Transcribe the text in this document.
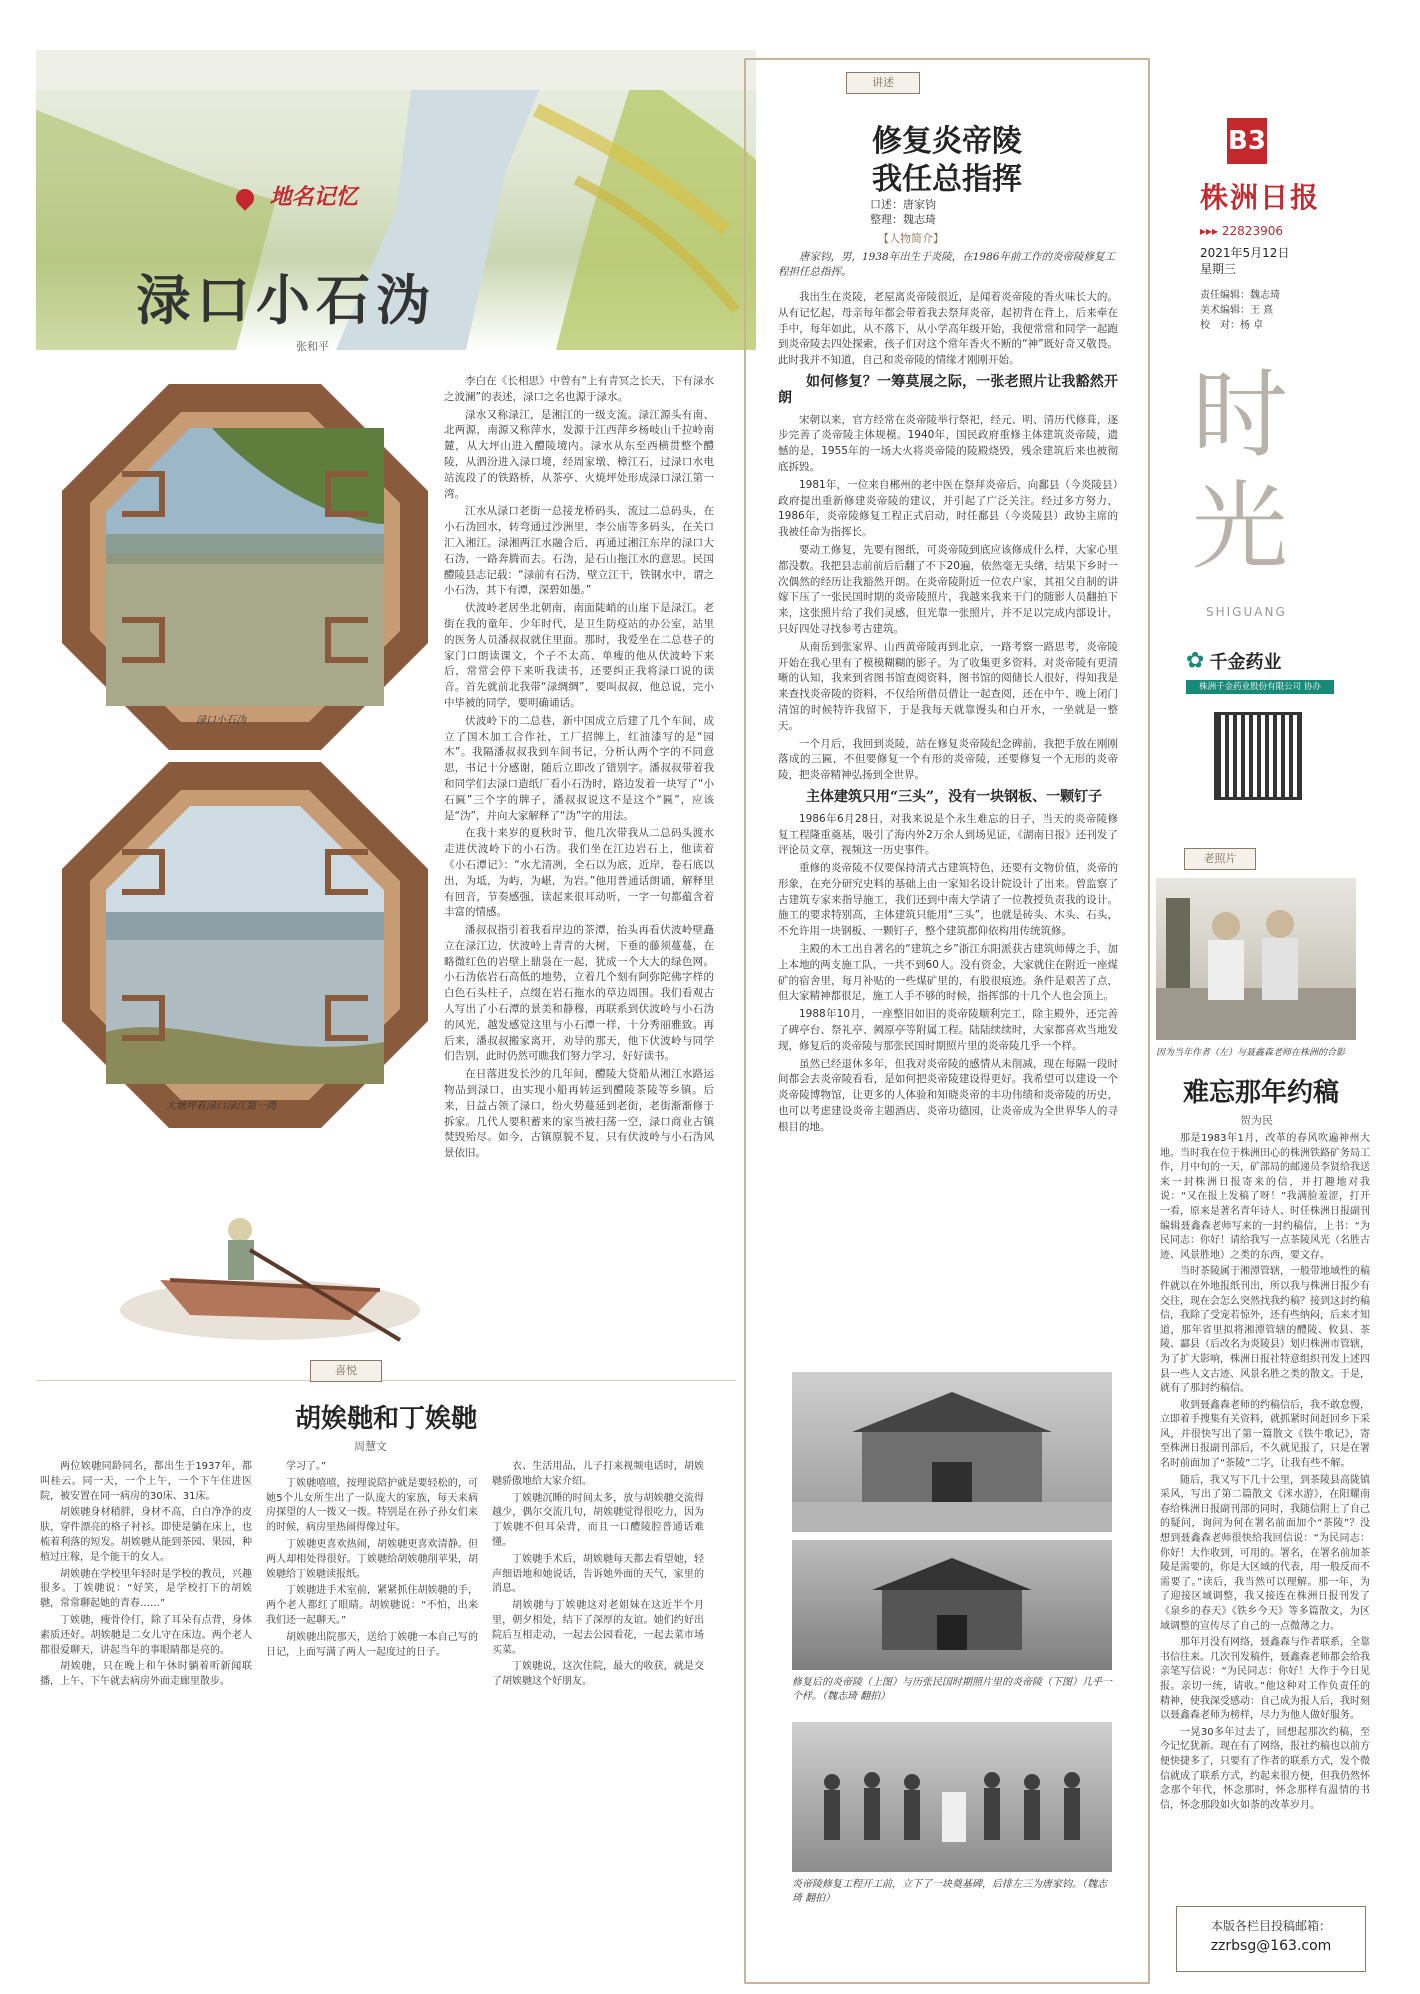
B3
株洲日报
▸▸▸ 22823906
2021年5月12日
星期三
责任编辑：魏志琦
美术编辑：王 熹
校　对：杨 卓
时
光
SHIGUANG
✿ 千金药业
株洲千金药业股份有限公司 协办
地名记忆
渌口小石沩
张和平
渌口小石沩
大塘坪看渌口渌江第一湾

李白在《长相思》中曾有“上有青冥之长天，下有渌水之波澜”的表述，渌口之名也源于渌水。

渌水又称渌江，是湘江的一级支流。渌江源头有南、北两源，南源又称萍水，发源于江西萍乡杨岐山千拉岭南麓，从大坪山进入醴陵境内。渌水从东至西横贯整个醴陵，从泗汾进入渌口境，经周家墩、樟江石，过渌口水电站流段了的铁路桥，从茶亭、火焼坪处形成渌口渌江第一湾。

江水从渌口老街一总接龙桥码头，流过二总码头，在小石沩回水，转弯通过沙洲里，李公庙等多码头，在关口汇入湘江。渌湘两江水融合后，再通过湘江东岸的渌口大石沩，一路奔腾而去。石沩，是石山拖江水的意思。民国醴陵县志记载：“渌前有石沩，壁立江干，铁钢水中，谓之小石沩，其下有潭，深碧如墨。”

伏波岭老居坐北朝南，南面陡峭的山崖下是渌江。老街在我的童年、少年时代，是卫生防疫站的办公室，站里的医务人员潘叔叔就住里面。那时，我爱坐在二总巷子的家门口朗读课文，个子不太高、单瘦的他从伏波岭下来后，常常会停下来听我读书，还要纠正我将渌口说的读音。首先就前北我带“渌绸绸”，要叫叔叔，他总说，完小中毕被的同学，要明确诵话。

伏波岭下的二总巷，新中国成立后建了几个车间，成立了国木加工合作社，工厂招牌上，红油漆写的是“园木”。我隔潘叔叔我到车间书记，分析认两个字的不同意思，书记十分感谢，随后立即改了错别字。潘叔叔带着我和同学们去渌口造纸厂看小石沩时，路边发着一块写了“小石匾”三个字的牌子，潘叔叔说这不是这个“匾”，应该是“沩”，并向大家解释了“沩”字的用法。

在我十来岁的夏秋时节，他几次带我从二总码头渡水走进伏波岭下的小石沩。我们坐在江边岩石上，他读着《小石潭记》：“水尤清冽，全石以为底，近岸，卷石底以出，为坻，为屿，为嵁，为岩。”他用普通话朗诵，解释里有回音，节奏感强，读起来很耳动听，一字一句都蕴含着丰富的情感。

潘叔叔指引着我看岸边的茶潭，抬头再看伏波岭壁矗立在渌江边，伏波岭上青青的大树，下垂的藤须蔓蔓，在略微红色的岩壁上鼎袅在一起，犹成一个大大的绿色网。小石沩依岩石高低的地势，立着几个刻有阿弥陀佛字样的白色石头柱子，点缀在岩石拖水的草边周围。我们看观古人写出了小石潭的景美和静穆，再联系到伏波岭与小石沩的风光，越发感觉这里与小石潭一样，十分秀丽雅致。再后来，潘叔叔搬家离开，劝导的那天，他下伏波岭与同学们告别，此时仍然可瞧我们努力学习，好好读书。

在日落进发长沙的几年间，醴陵大贷船从湘江水路运物品到渌口，由实现小船再转运到醴陵茶陵等乡镇。后来，日益占领了渌口，纷火势蔓延到老街，老街渐渐修于拆家。几代人要积蓄来的家当被扫荡一空，渌口商业古镇焚毁殆尽。如今，古镇原貌不复，只有伏波岭与小石沩风景依旧。

讲述
修复炎帝陵
我任总指挥
口述：唐家钧
整理：魏志琦
【人物简介】
唐家钧，男，1938年出生于炎陵，在1986年前工作的炎帝陵修复工程担任总指挥。

我出生在炎陵，老屋离炎帝陵很近，是闻着炎帝陵的香火味长大的。从有记忆起，母亲每年都会带着我去祭拜炎帝，起初背在背上，后来牵在手中，每年如此，从不落下，从小学高年级开始，我便常常和同学一起跑到炎帝陵去四处探索，孩子们对这个常年香火不断的“神”既好奇又敬畏。此时我并不知道，自己和炎帝陵的情缘才刚刚开始。

如何修复？一筹莫展之际，一张老照片让我豁然开朗

宋朝以来，官方经常在炎帝陵举行祭祀，经元、明、清历代修葺，逐步完善了炎帝陵主体规模。1940年，国民政府重修主体建筑炎帝陵，遗憾的是，1955年的一场大火将炎帝陵的陵殿烧毁，残余建筑后来也被彻底拆毁。

1981年，一位来自郴州的老中医在祭拜炎帝后，向鄱县（今炎陵县）政府提出重新修建炎帝陵的建议，并引起了广泛关注。经过多方努力，1986年，炎帝陵修复工程正式启动，时任鄱县（今炎陵县）政协主席的我被任命为指挥长。

要动工修复，先要有图纸，可炎帝陵到底应该修成什么样，大家心里都没数。我把县志前前后后翻了不下20遍，依然毫无头绪，结果下乡时一次偶然的经历让我豁然开朗。在炎帝陵附近一位农户家，其祖父自制的讲嫁下压了一张民国时期的炎帝陵照片，我越来我来干门的随影人员翻拍下来，这张照片给了我们灵感，但光靠一张照片，并不足以完成内部设计，只好四处寻找参考古建筑。

从南岳到张家界、山西黄帝陵再到北京，一路考察一路思考，炎帝陵开始在我心里有了模模糊糊的影子。为了收集更多资料，对炎帝陵有更清晰的认知，我来到省图书馆查阅资料，图书馆的阅储长人很好，得知我是来查找炎帝陵的资料，不仅给所借员借让一起查阅，还在中午、晚上闭门清馆的时候特许我留下，于是我每天就靠馒头和白开水，一坐就是一整天。

一个月后，我回到炎陵，站在修复炎帝陵纪念碑前，我把手放在刚刚落成的三匾，不但要修复一个有形的炎帝陵，还要修复一个无形的炎帝陵，把炎帝精神弘扬到全世界。

主体建筑只用“三头”，没有一块钢板、一颗钉子

1986年6月28日，对我来说是个永生难忘的日子，当天的炎帝陵修复工程隆重奠基，吸引了海内外2万余人到场见证，《湖南日报》还刊发了评论员文章，视频这一历史事件。

重修的炎帝陵不仅要保持清式古建筑特色，还要有文物价值，炎帝的形象，在充分研究史料的基础上由一家知名设计院设计了出来。曾监察了古建筑专家来指导施工，我们还到中南大学请了一位教授负责我的设计。施工的要求特别高，主体建筑只能用“三头”，也就是砖头、木头、石头，不允许用一块钢板、一颗钉子，整个建筑都仰依构用传统筑修。

主殿的木工出自著名的“建筑之乡”浙江东阳派获古建筑师傅之手，加上本地的两支施工队，一共不到60人。没有资金，大家就住在附近一座煤矿的宿舍里，每月补贴的一些煤矿里的，有股很痕迹。条件是艰苦了点，但大家精神都很足，施工人手不够的时候，指挥部的十几个人也会顶上。

1988年10月，一座整旧如旧的炎帝陵顺利完工，除主殿外，还完善了碑亭台、祭礼亭、阙原亭等附属工程。陆陆续续时，大家都喜欢当地发现，修复后的炎帝陵与那张民国时期照片里的炎帝陵几乎一个样。

虽然已经退休多年，但我对炎帝陵的感情从未削减，现在每隔一段时间都会去炎帝陵看看，是如何把炎帝陵建设得更好。我希望可以建设一个炎帝陵博物馆，让更多的人体验和知晓炎帝的丰功伟绩和炎帝陵的历史，也可以考虑建设炎帝主题酒店、炎帝功德园，让炎帝成为全世界华人的寻根目的地。

修复后的炎帝陵（上图）与历张民国时期照片里的炎帝陵（下图）几乎一个样。（魏志琦 翻拍）
炎帝陵修复工程开工前，立下了一块奠基碑，后排左三为唐家钧。（魏志琦 翻拍）
老照片
因为当年作者（左）与聂鑫森老师在株洲的合影
难忘那年约稿
贺为民

那是1983年1月，改革的春风吹遍神州大地。当时我在位于株洲田心的株洲铁路矿务局工作，月中旬的一天，矿部局的邮递员李贤给我送来一封株洲日报寄来的信，并打趣地对我说：“又在报上发稿了呀！”我满脸羞涩，打开一看，原来是著名青年诗人、时任株洲日报副刊编辑聂鑫森老师写来的一封约稿信，上书：“为民同志：你好！请给我写一点茶陵风光（名胜古迹、风景胜地）之类的东西，要文存。

当时茶陵属于湘潭管辖，一般带地域性的稿件就以在外地报纸刊出，所以我与株洲日报少有交往，现在会怎么突然找我约稿？接到这封约稿信，我除了受宠若惊外，还有些纳闷，后来才知道，那年省里拟将湘潭管辖的醴陵、攸县、茶陵、酃县（后改名为炎陵县）划归株洲市管辖，为了扩大影响，株洲日报社特意组织刊发上述四县一些人文古迹、风景名胜之类的散文。于是，就有了那封约稿信。

收到聂鑫森老师的约稿信后，我不敢怠慢，立即着手搜集有关资料，就抓紧时间赶回乡下采风，并很快写出了第一篇散文《铁牛歌记》，寄至株洲日报副刊部后，不久就见报了，只是在署名时前面加了“茶陵”二字，让我有些不解。

随后，我又写下几十公里，到茶陵县高陇镇采风，写出了第二篇散文《洣水游》，在阳耀南春给株洲日报副刊部的同时，我随信附上了自己的疑问，询问为何在署名前面加个“茶陵”？没想到聂鑫森老师很快给我回信说：“为民同志：你好！大作收到，可用的。署名，在署名前加茶陵是需要的，你是大区域的代表，用一般反而不需要了。”读后，我当然可以理解。那一年，为了迎接区域调整，我又接连在株洲日报刊发了《泉乡的春天》《铁乡今天》等多篇散文，为区域调整的宣传尽了自己的一点微薄之力。

那年月没有网络，聂鑫森与作者联系，全靠书信往来。几次刊发稿件，聂鑫森老师都会给我亲笔写信说：“为民同志：你好！大作于今日见报。亲切一统，请收。”他这种对工作负责任的精神，使我深受感动：自己成为报人后，我时刻以聂鑫森老师为榜样，尽力为他人做好服务。

一晃30多年过去了，回想起那次约稿，至今记忆犹新。现在有了网络，报社约稿也以前方便快捷多了，只要有了作者的联系方式，发个微信就成了联系方式，约起来很方便，但我仍然怀念那个年代，怀念那时，怀念那样有温情的书信，怀念那段如火如荼的改革岁月。

本版各栏目投稿邮箱：
zzrbsg@163.com
喜悦
胡娭毑和丁娭毑
周慧文

两位娭毑同龄同名，都出生于1937年，都叫桂云。同一天，一个上午，一个下午住进医院，被安置在同一病房的30床、31床。

胡娭毑身材稍胖，身材不高，白白净净的皮肤，穿件漂亮的格子衬衫。即使是躺在床上，也梳着利落的短发。胡娭毑从能到茶园、果园，种植过庄稼，是个能干的女人。

胡娭毑在学校里年轻时是学校的教员，兴趣很多。丁娭毑说：“好笑，是学校打下的胡娭毑，常常聊起她的青春……”

丁娭毑，瘦骨伶仃，除了耳朵有点背，身体素质还好。胡娭毑是二女儿守在床边。两个老人都很爱聊天，讲起当年的事眼睛都是亮的。

胡娭毑，只在晚上和午休时躺着听新闻联播，上午、下午就去病房外面走廊里散步。

学习了。”

丁娭毑嘻嘻，按理说陪护就是要轻松的，可她5个儿女所生出了一队庞大的家族，每天来病房探望的人一拨又一拨。特别是在孙子孙女们来的时候，病房里热闹得像过年。

丁娭毑更喜欢热闹，胡娭毑更喜欢清静。但两人却相处得很好。丁娭毑给胡娭毑削苹果，胡娭毑给丁娭毑读报纸。

丁娭毑进手术室前，紧紧抓住胡娭毑的手，两个老人都红了眼睛。胡娭毑说：“不怕，出来我们还一起聊天。”

胡娭毑出院那天，送给丁娭毑一本自己写的日记，上面写满了两人一起度过的日子。

衣、生活用品，儿子打来视频电话时，胡娭毑骄傲地给大家介绍。

丁娭毑沉睡的时间太多，放与胡娭毑交流得越少，偶尔交流几句，胡娭毑觉得很吃力，因为丁娭毑不但耳朵背，而且一口醴陵腔普通话难懂。

丁娭毑手术后，胡娭毑每天都去看望她，轻声细语地和她说话，告诉她外面的天气，家里的消息。

胡娭毑与丁娭毑这对老姐妹在这近半个月里，朝夕相处，结下了深厚的友谊。她们约好出院后互相走动，一起去公园看花，一起去菜市场买菜。

丁娭毑说，这次住院，最大的收获，就是交了胡娭毑这个好朋友。
